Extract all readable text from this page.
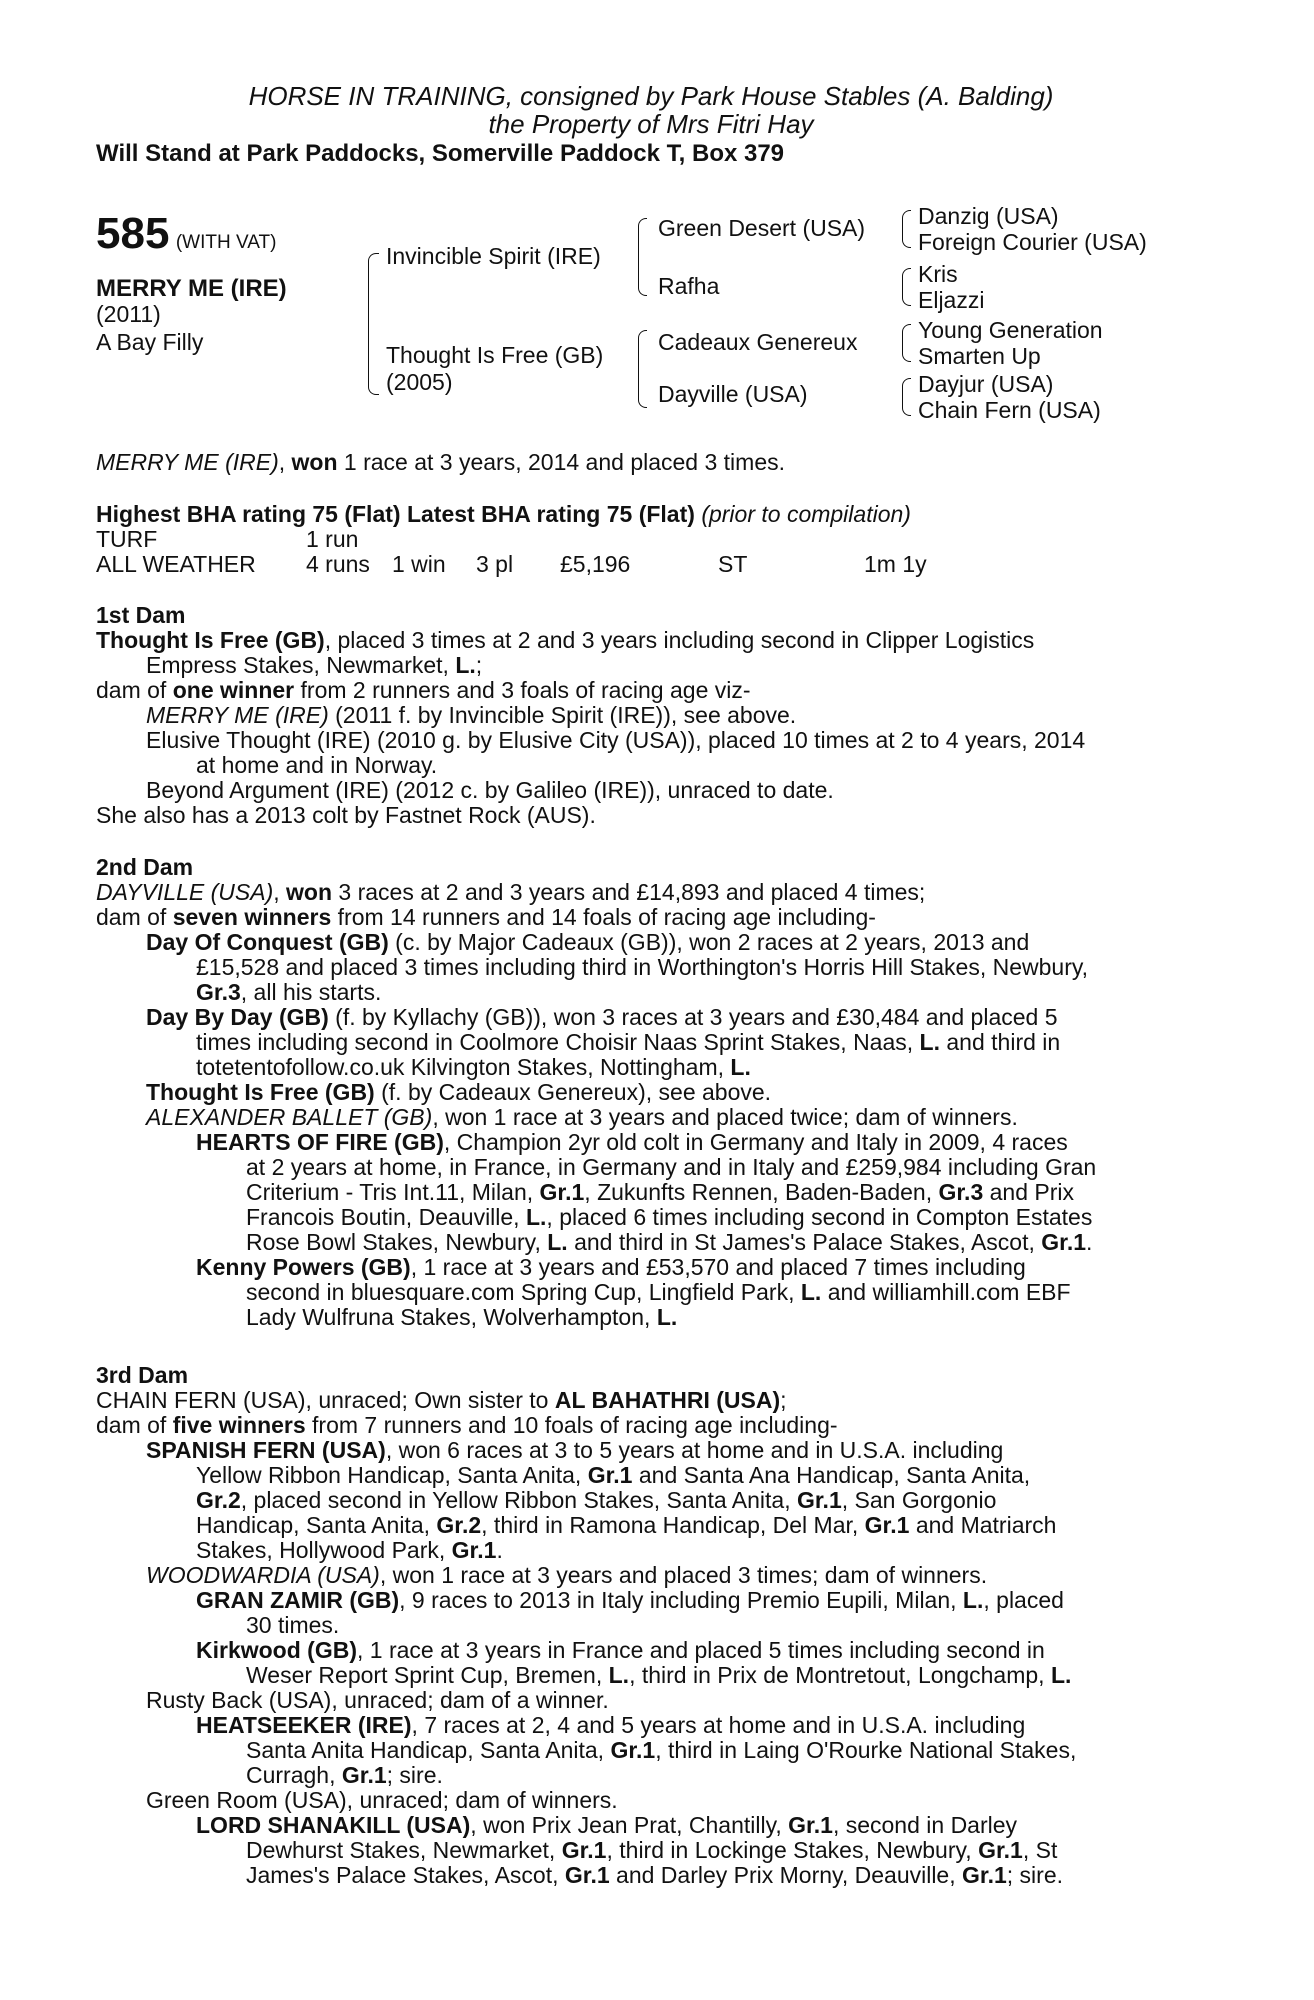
HORSE IN TRAINING, consigned by Park House Stables (A. Balding)
the Property of Mrs Fitri Hay
Will Stand at Park Paddocks, Somerville Paddock T, Box 379
585 (WITH VAT)
MERRY ME (IRE)
(2011)
A Bay Filly
Invincible Spirit (IRE)
Thought Is Free (GB)
(2005)
Green Desert (USA)
Rafha
Cadeaux Genereux
Dayville (USA)
Danzig (USA)
Foreign Courier (USA)
Kris
Eljazzi
Young Generation
Smarten Up
Dayjur (USA)
Chain Fern (USA)
MERRY ME (IRE), won 1 race at 3 years, 2014 and placed 3 times.
Highest BHA rating 75 (Flat) Latest BHA rating 75 (Flat) (prior to compilation)
TURF	1 run
ALL WEATHER 4 runs 1 win 3 pl £5,196	ST	1m 1y
1st Dam
Thought Is Free (GB), placed 3 times at 2 and 3 years including second in Clipper Logistics
Empress Stakes, Newmarket, L.;
dam of one winner from 2 runners and 3 foals of racing age viz-
MERRY ME (IRE) (2011 f. by Invincible Spirit (IRE)), see above.
Elusive Thought (IRE) (2010 g. by Elusive City (USA)), placed 10 times at 2 to 4 years, 2014
at home and in Norway.
Beyond Argument (IRE) (2012 c. by Galileo (IRE)), unraced to date.
She also has a 2013 colt by Fastnet Rock (AUS).
2nd Dam
DAYVILLE (USA), won 3 races at 2 and 3 years and £14,893 and placed 4 times;
dam of seven winners from 14 runners and 14 foals of racing age including-
Day Of Conquest (GB) (c. by Major Cadeaux (GB)), won 2 races at 2 years, 2013 and
£15,528 and placed 3 times including third in Worthington's Horris Hill Stakes, Newbury,
Gr.3, all his starts.
Day By Day (GB) (f. by Kyllachy (GB)), won 3 races at 3 years and £30,484 and placed 5
times including second in Coolmore Choisir Naas Sprint Stakes, Naas, L. and third in
totetentofollow.co.uk Kilvington Stakes, Nottingham, L.
Thought Is Free (GB) (f. by Cadeaux Genereux), see above.
ALEXANDER BALLET (GB), won 1 race at 3 years and placed twice; dam of winners.
HEARTS OF FIRE (GB), Champion 2yr old colt in Germany and Italy in 2009, 4 races
at 2 years at home, in France, in Germany and in Italy and £259,984 including Gran
Criterium - Tris Int.11, Milan, Gr.1, Zukunfts Rennen, Baden-Baden, Gr.3 and Prix
Francois Boutin, Deauville, L., placed 6 times including second in Compton Estates
Rose Bowl Stakes, Newbury, L. and third in St James's Palace Stakes, Ascot, Gr.1.
Kenny Powers (GB), 1 race at 3 years and £53,570 and placed 7 times including
second in bluesquare.com Spring Cup, Lingfield Park, L. and williamhill.com EBF
Lady Wulfruna Stakes, Wolverhampton, L.
3rd Dam
CHAIN FERN (USA), unraced; Own sister to AL BAHATHRI (USA);
dam of five winners from 7 runners and 10 foals of racing age including-
SPANISH FERN (USA), won 6 races at 3 to 5 years at home and in U.S.A. including
Yellow Ribbon Handicap, Santa Anita, Gr.1 and Santa Ana Handicap, Santa Anita,
Gr.2, placed second in Yellow Ribbon Stakes, Santa Anita, Gr.1, San Gorgonio
Handicap, Santa Anita, Gr.2, third in Ramona Handicap, Del Mar, Gr.1 and Matriarch
Stakes, Hollywood Park, Gr.1.
WOODWARDIA (USA), won 1 race at 3 years and placed 3 times; dam of winners.
GRAN ZAMIR (GB), 9 races to 2013 in Italy including Premio Eupili, Milan, L., placed
30 times.
Kirkwood (GB), 1 race at 3 years in France and placed 5 times including second in
Weser Report Sprint Cup, Bremen, L., third in Prix de Montretout, Longchamp, L.
Rusty Back (USA), unraced; dam of a winner.
HEATSEEKER (IRE), 7 races at 2, 4 and 5 years at home and in U.S.A. including
Santa Anita Handicap, Santa Anita, Gr.1, third in Laing O'Rourke National Stakes,
Curragh, Gr.1; sire.
Green Room (USA), unraced; dam of winners.
LORD SHANAKILL (USA), won Prix Jean Prat, Chantilly, Gr.1, second in Darley
Dewhurst Stakes, Newmarket, Gr.1, third in Lockinge Stakes, Newbury, Gr.1, St
James's Palace Stakes, Ascot, Gr.1 and Darley Prix Morny, Deauville, Gr.1; sire.
